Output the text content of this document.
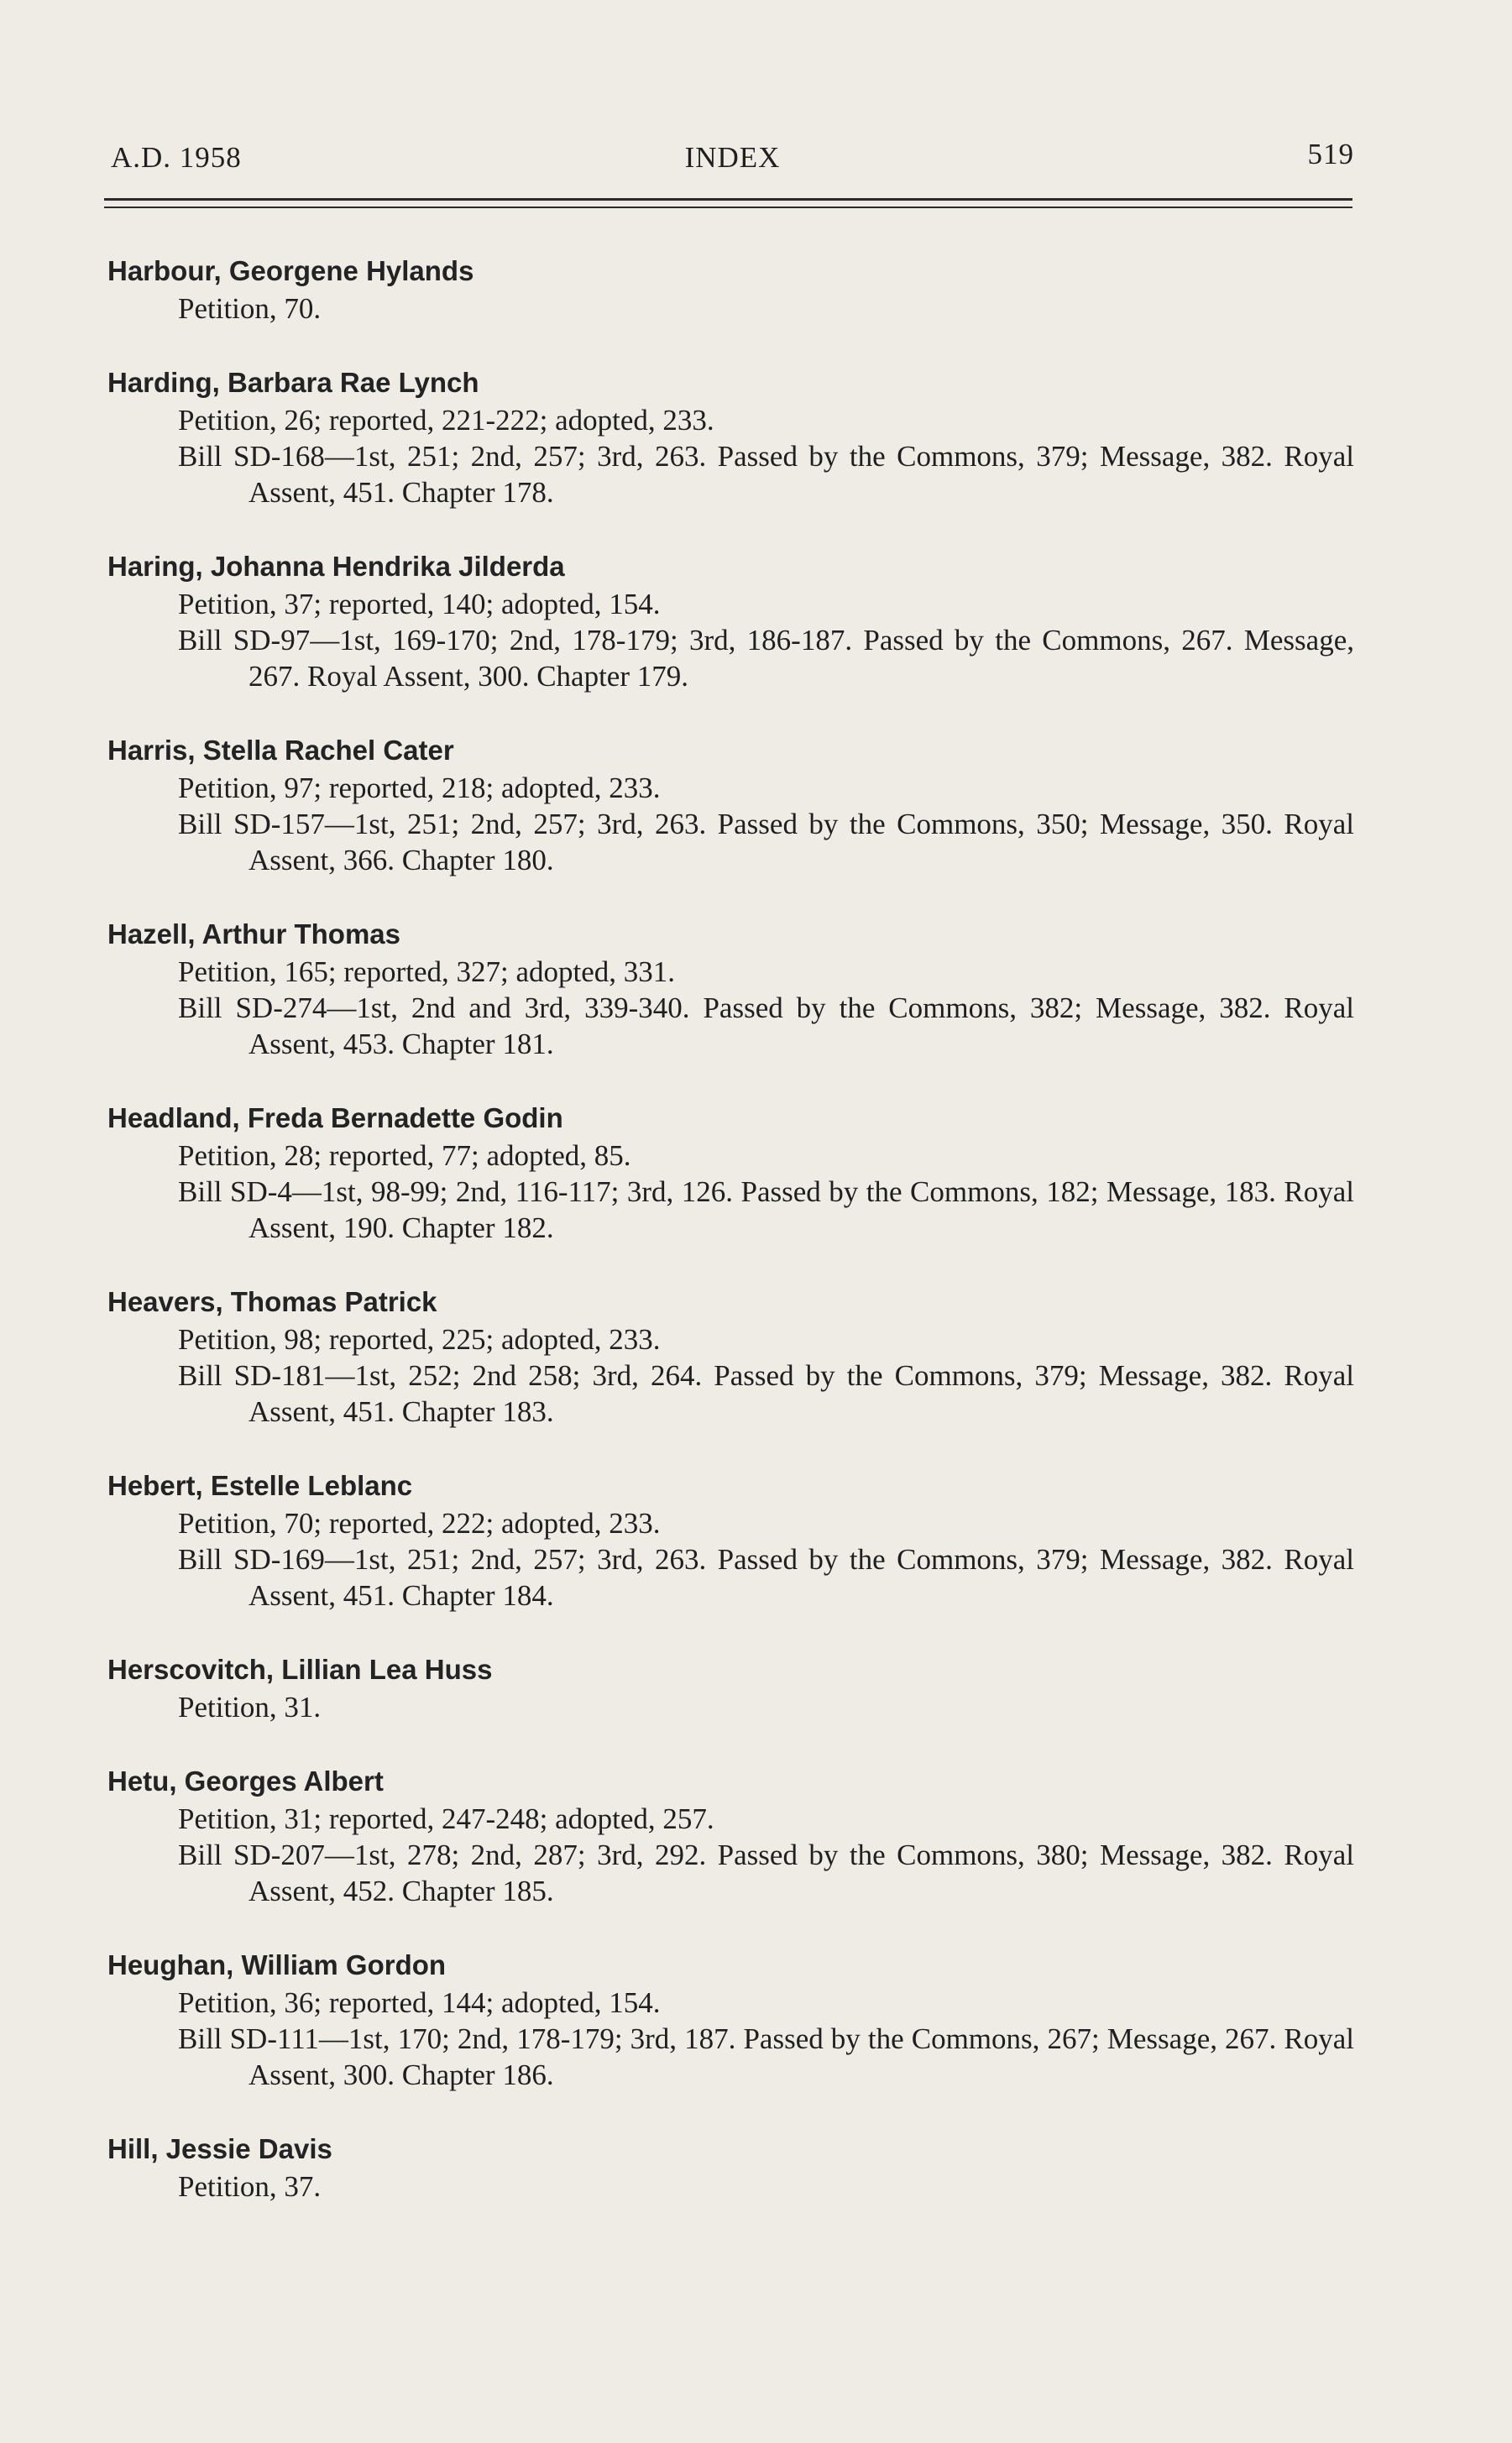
A.D. 1958	INDEX	519
Harbour, Georgene Hylands
Petition, 70.
Harding, Barbara Rae Lynch
Petition, 26; reported, 221-222; adopted, 233.
Bill SD-168—1st, 251; 2nd, 257; 3rd, 263. Passed by the Commons, 379; Message, 382. Royal Assent, 451. Chapter 178.
Haring, Johanna Hendrika Jilderda
Petition, 37; reported, 140; adopted, 154.
Bill SD-97—1st, 169-170; 2nd, 178-179; 3rd, 186-187. Passed by the Commons, 267. Message, 267. Royal Assent, 300. Chapter 179.
Harris, Stella Rachel Cater
Petition, 97; reported, 218; adopted, 233.
Bill SD-157—1st, 251; 2nd, 257; 3rd, 263. Passed by the Commons, 350; Message, 350. Royal Assent, 366. Chapter 180.
Hazell, Arthur Thomas
Petition, 165; reported, 327; adopted, 331.
Bill SD-274—1st, 2nd and 3rd, 339-340. Passed by the Commons, 382; Message, 382. Royal Assent, 453. Chapter 181.
Headland, Freda Bernadette Godin
Petition, 28; reported, 77; adopted, 85.
Bill SD-4—1st, 98-99; 2nd, 116-117; 3rd, 126. Passed by the Commons, 182; Message, 183. Royal Assent, 190. Chapter 182.
Heavers, Thomas Patrick
Petition, 98; reported, 225; adopted, 233.
Bill SD-181—1st, 252; 2nd 258; 3rd, 264. Passed by the Commons, 379; Message, 382. Royal Assent, 451. Chapter 183.
Hebert, Estelle Leblanc
Petition, 70; reported, 222; adopted, 233.
Bill SD-169—1st, 251; 2nd, 257; 3rd, 263. Passed by the Commons, 379; Message, 382. Royal Assent, 451. Chapter 184.
Herscovitch, Lillian Lea Huss
Petition, 31.
Hetu, Georges Albert
Petition, 31; reported, 247-248; adopted, 257.
Bill SD-207—1st, 278; 2nd, 287; 3rd, 292. Passed by the Commons, 380; Message, 382. Royal Assent, 452. Chapter 185.
Heughan, William Gordon
Petition, 36; reported, 144; adopted, 154.
Bill SD-111—1st, 170; 2nd, 178-179; 3rd, 187. Passed by the Commons, 267; Message, 267. Royal Assent, 300. Chapter 186.
Hill, Jessie Davis
Petition, 37.
